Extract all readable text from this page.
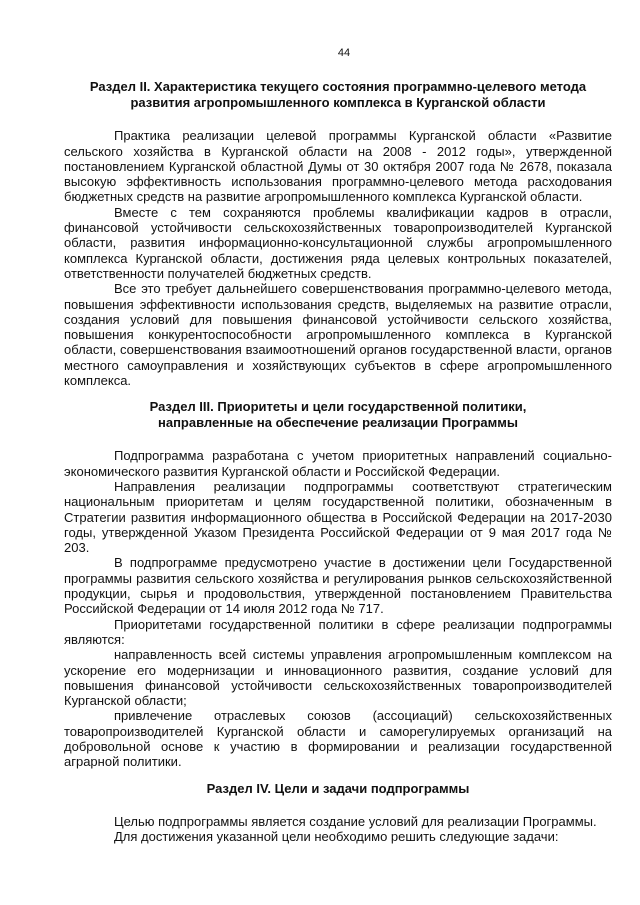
44

Раздел II. Характеристика текущего состояния программно-целевого метода

развития агропромышленного комплекса в Курганской области

Практика реализации целевой программы Курганской области «Развитие сельского хозяйства в Курганской области на 2008 - 2012 годы», утвержденной постановлением Курганской областной Думы от 30 октября 2007 года № 2678, показала высокую эффективность использования программно-целевого метода расходования бюджетных средств на развитие агропромышленного комплекса Курганской области.

Вместе с тем сохраняются проблемы квалификации кадров в отрасли, финансовой устойчивости сельскохозяйственных товаропроизводителей Курганской области, развития информационно-консультационной службы агропромышленного комплекса Курганской области, достижения ряда целевых контрольных показателей, ответственности получателей бюджетных средств.

Все это требует дальнейшего совершенствования программно-целевого метода, повышения эффективности использования средств, выделяемых на развитие отрасли, создания условий для повышения финансовой устойчивости сельского хозяйства, повышения конкурентоспособности агропромышленного комплекса в Курганской области, совершенствования взаимоотношений органов государственной власти, органов местного самоуправления и хозяйствующих субъектов в сфере агропромышленного комплекса.

Раздел III. Приоритеты и цели государственной политики,

направленные на обеспечение реализации Программы

Подпрограмма разработана с учетом приоритетных направлений социально-экономического развития Курганской области и Российской Федерации.

Направления реализации подпрограммы соответствуют стратегическим национальным приоритетам и целям государственной политики, обозначенным в Стратегии развития информационного общества в Российской Федерации на 2017-2030 годы, утвержденной Указом Президента Российской Федерации от 9 мая 2017 года № 203.

В подпрограмме предусмотрено участие в достижении цели Государственной программы развития сельского хозяйства и регулирования рынков сельскохозяйственной продукции, сырья и продовольствия, утвержденной постановлением Правительства Российской Федерации от 14 июля 2012 года № 717.

Приоритетами государственной политики в сфере реализации подпрограммы являются:

направленность всей системы управления агропромышленным комплексом на ускорение его модернизации и инновационного развития, создание условий для повышения финансовой устойчивости сельскохозяйственных товаропроизводителей Курганской области;

привлечение отраслевых союзов (ассоциаций) сельскохозяйственных товаропроизводителей Курганской области и саморегулируемых организаций на добровольной основе к участию в формировании и реализации государственной аграрной политики.

Раздел IV. Цели и задачи подпрограммы

Целью подпрограммы является создание условий для реализации Программы.

Для достижения указанной цели необходимо решить следующие задачи:
